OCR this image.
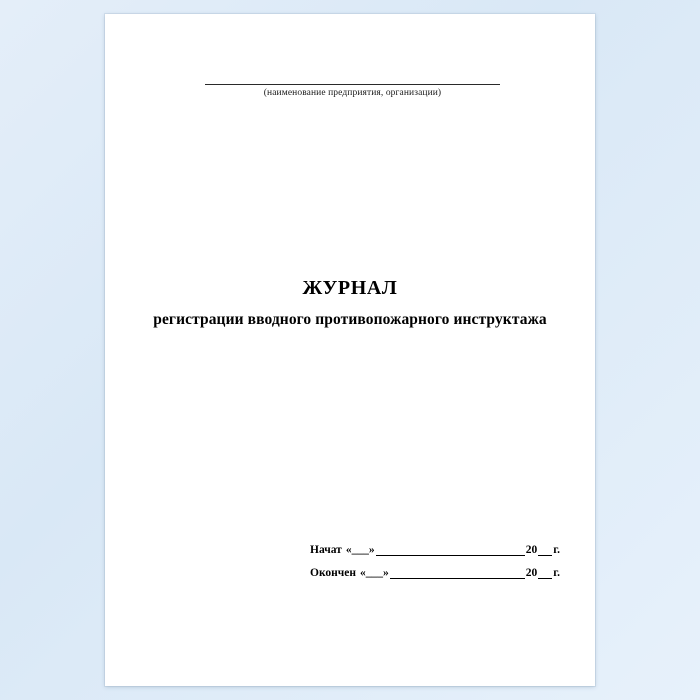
(наименование предприятия, организации)
ЖУРНАЛ
регистрации вводного противопожарного инструктажа
Начат «___»	20 г.
Окончен «___»	20 г.
